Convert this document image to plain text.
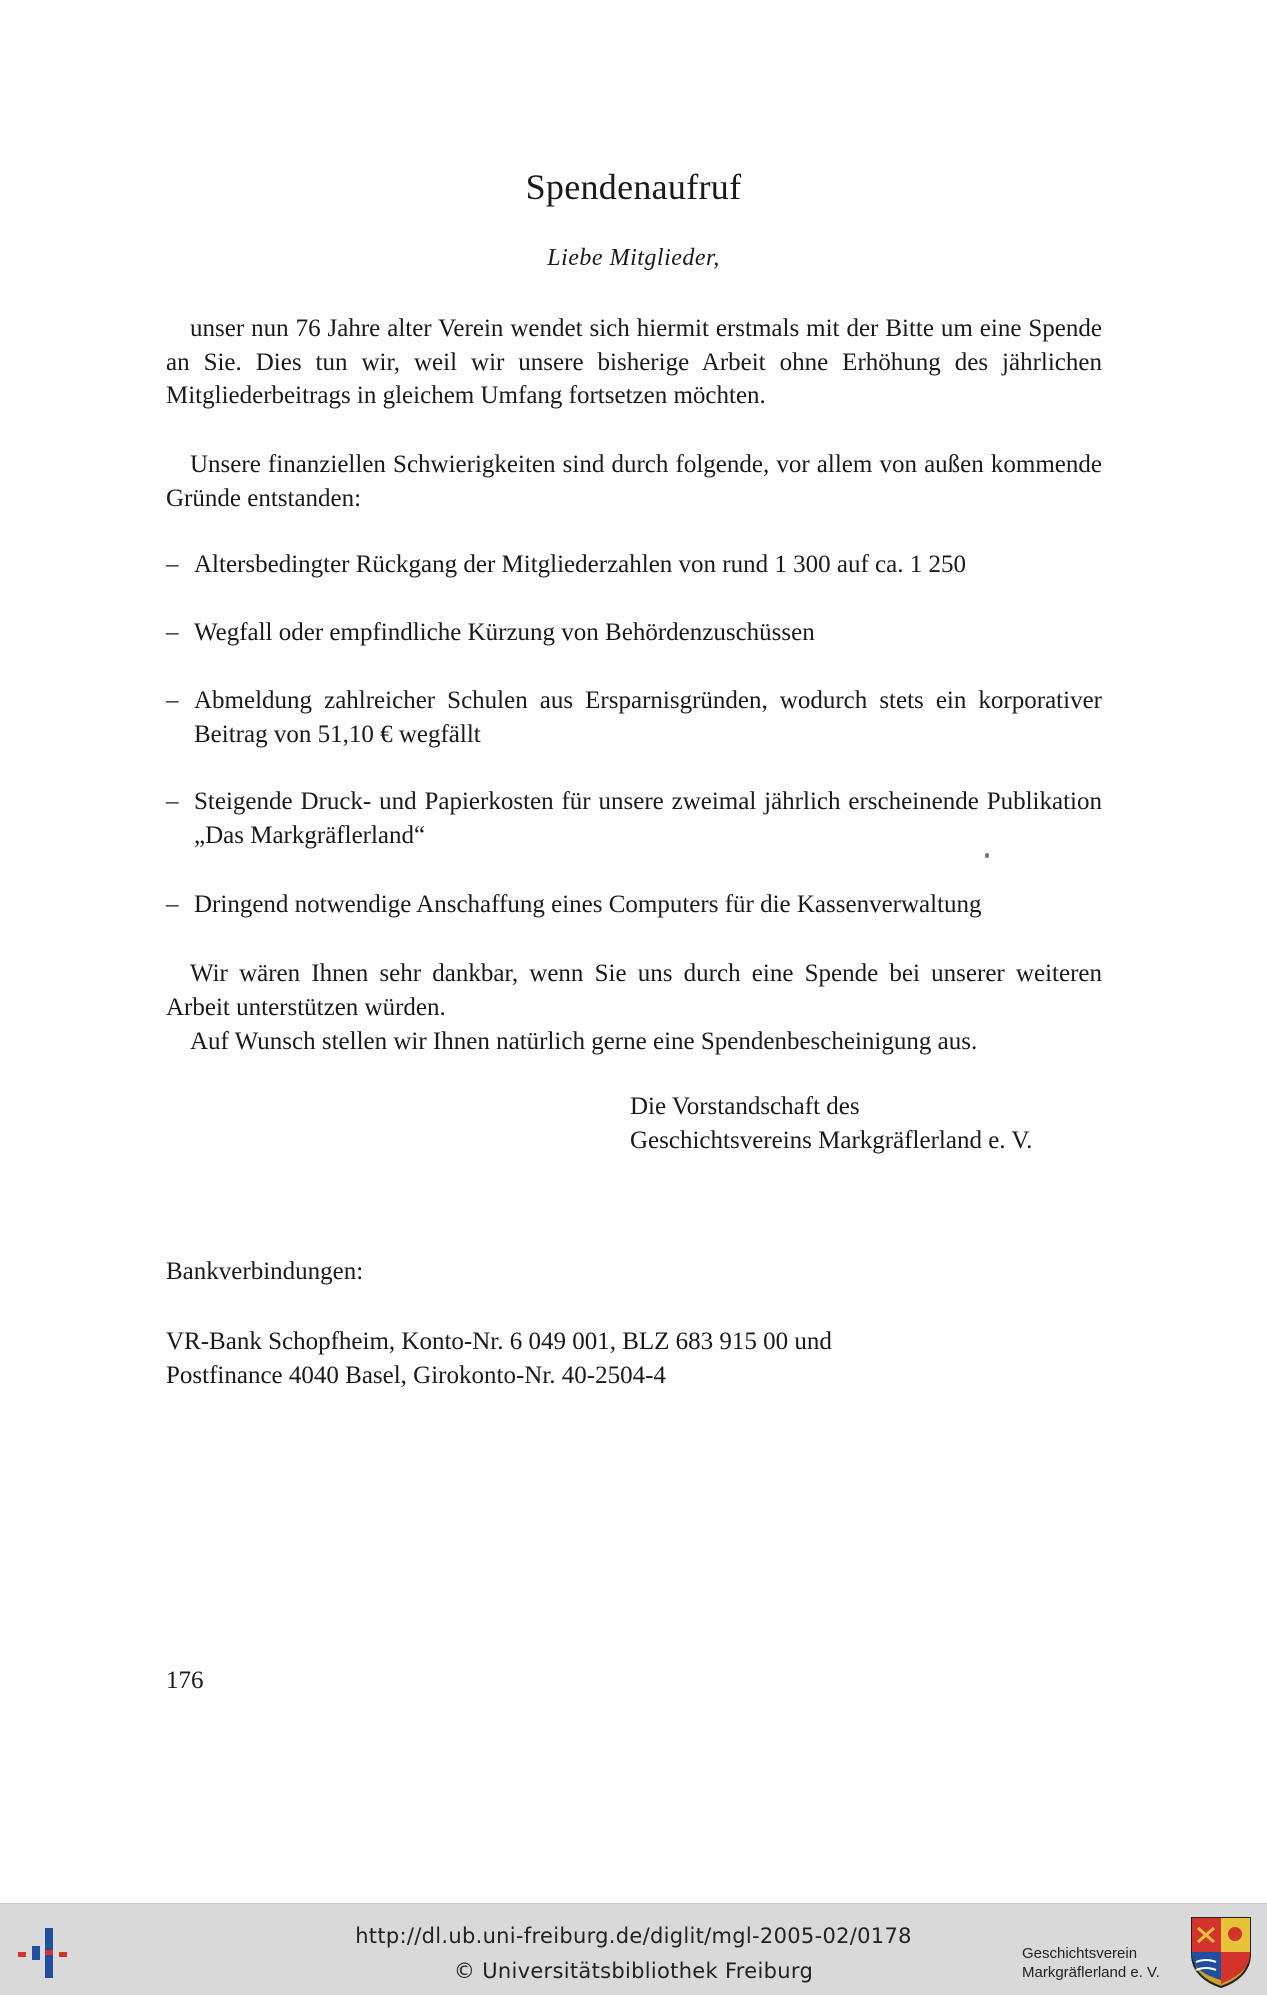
Spendenaufruf
Liebe Mitglieder,

unser nun 76 Jahre alter Verein wendet sich hiermit erstmals mit der Bitte um eine Spende an Sie. Dies tun wir, weil wir unsere bisherige Arbeit ohne Erhöhung des jährlichen Mitgliederbeitrags in gleichem Umfang fortsetzen möchten.

Unsere finanziellen Schwierigkeiten sind durch folgende, vor allem von außen kommende Gründe entstanden:

– Altersbedingter Rückgang der Mitgliederzahlen von rund 1 300 auf ca. 1 250
– Wegfall oder empfindliche Kürzung von Behördenzuschüssen
– Abmeldung zahlreicher Schulen aus Ersparnisgründen, wodurch stets ein korporativer Beitrag von 51,10 € wegfällt
– Steigende Druck- und Papierkosten für unsere zweimal jährlich erscheinende Publikation „Das Markgräflerland“
– Dringend notwendige Anschaffung eines Computers für die Kassenverwaltung

Wir wären Ihnen sehr dankbar, wenn Sie uns durch eine Spende bei unserer weiteren Arbeit unterstützen würden.

Auf Wunsch stellen wir Ihnen natürlich gerne eine Spendenbescheinigung aus.

Die Vorstandschaft des
Geschichtsvereins Markgräflerland e. V.
Bankverbindungen:
VR-Bank Schopfheim, Konto-Nr. 6 049 001, BLZ 683 915 00 und
Postfinance 4040 Basel, Girokonto-Nr. 40-2504-4
176
http://dl.ub.uni-freiburg.de/diglit/mgl-2005-02/0178
© Universitätsbibliothek Freiburg
Geschichtsverein
Markgräflerland e. V.
